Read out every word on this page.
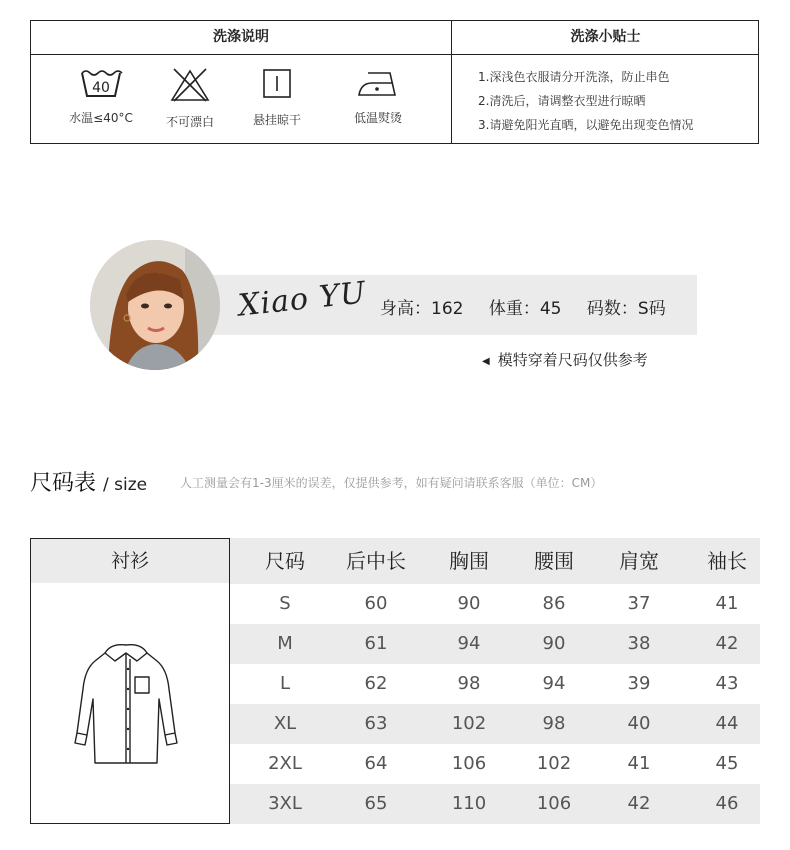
洗涤说明	洗涤小贴士
40
水温≤40°C	不可漂白	悬挂晾干	低温熨烫
1.深浅色衣服请分开洗涤，防止串色
2.清洗后，请调整衣型进行晾晒
3.请避免阳光直晒，以避免出现变色情况
Xiao YU 身高：162 体重：45 码数：S码
◀ 模特穿着尺码仅供参考
尺码表 / size	人工测量会有1-3厘米的误差，仅提供参考，如有疑问请联系客服（单位：CM）
衬衫	尺码	后中长	胸围	腰围	肩宽	袖长
S	60	90	86	37	41
M	61	94	90	38	42
L	62	98	94	39	43
XL	63	102	98	40	44
2XL	64	106	102	41	45
3XL	65	110	106	42	46
